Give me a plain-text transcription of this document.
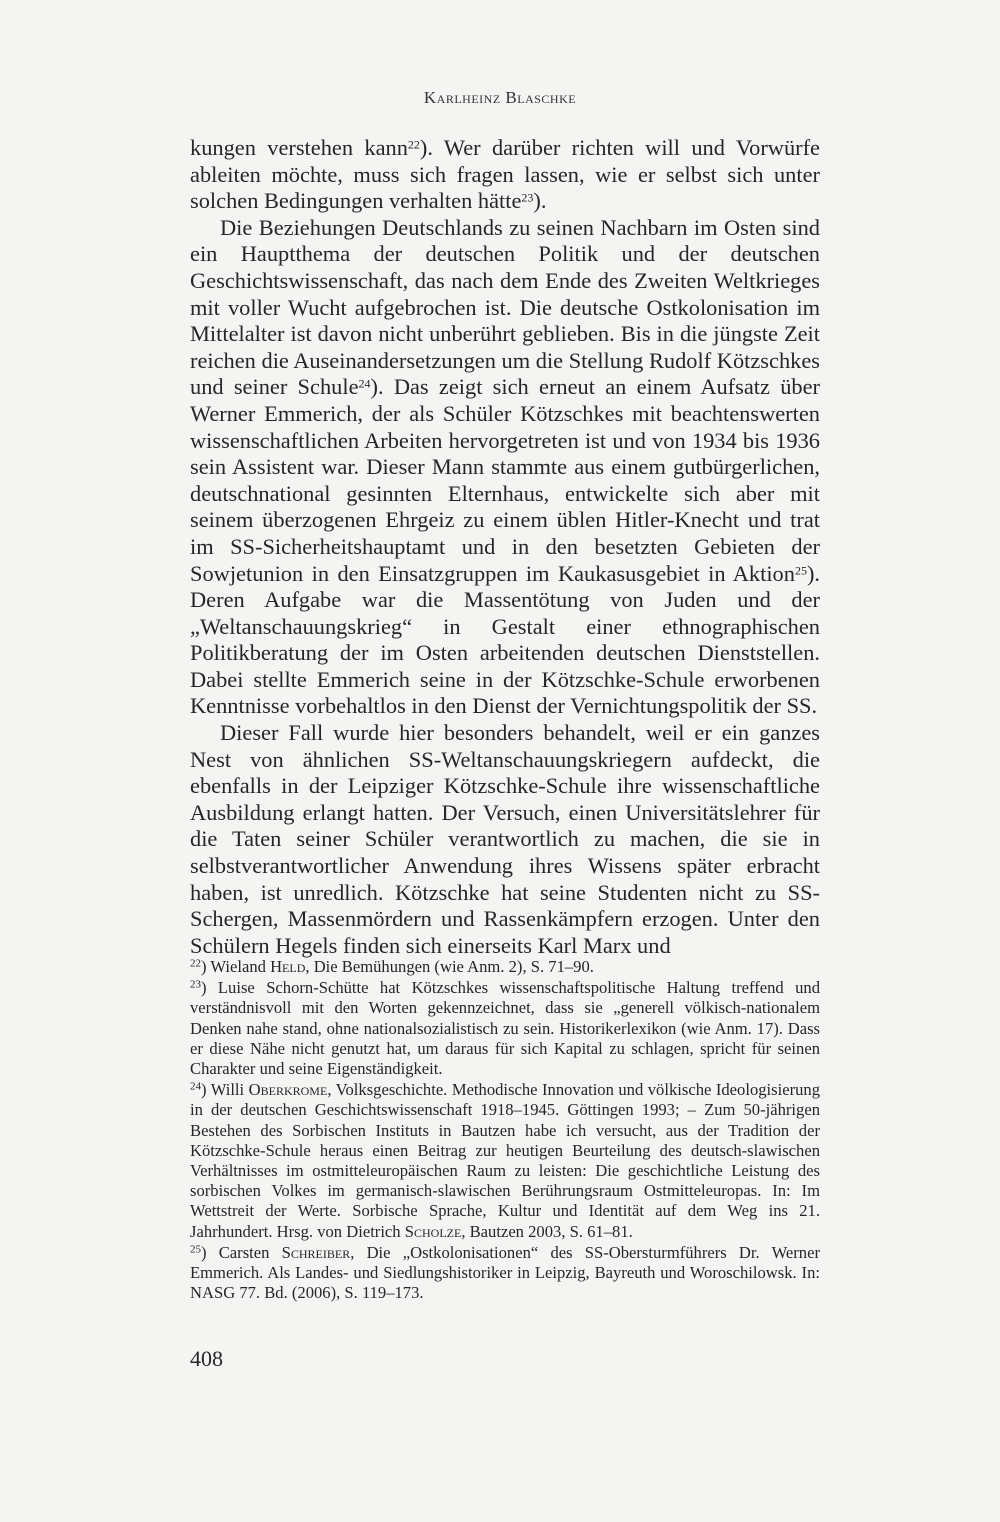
Karlheinz Blaschke

kungen verstehen kann$^{22}$). Wer darüber richten will und Vorwürfe ableiten möchte, muss sich fragen lassen, wie er selbst sich unter solchen Bedingungen verhalten hätte$^{23}$).

Die Beziehungen Deutschlands zu seinen Nachbarn im Osten sind ein Hauptthema der deutschen Politik und der deutschen Geschichtswissenschaft, das nach dem Ende des Zweiten Weltkrieges mit voller Wucht aufgebrochen ist. Die deutsche Ostkolonisation im Mittelalter ist davon nicht unberührt geblieben. Bis in die jüngste Zeit reichen die Auseinandersetzungen um die Stellung Rudolf Kötzschkes und seiner Schule$^{24}$). Das zeigt sich erneut an einem Aufsatz über Werner Emmerich, der als Schüler Kötzschkes mit beachtenswerten wissenschaftlichen Arbeiten hervorgetreten ist und von 1934 bis 1936 sein Assistent war. Dieser Mann stammte aus einem gutbürgerlichen, deutschnational gesinnten Elternhaus, entwickelte sich aber mit seinem überzogenen Ehrgeiz zu einem üblen Hitler-Knecht und trat im SS-Sicherheitshauptamt und in den besetzten Gebieten der Sowjetunion in den Einsatzgruppen im Kaukasusgebiet in Aktion$^{25}$). Deren Aufgabe war die Massentötung von Juden und der „Weltanschauungskrieg“ in Gestalt einer ethnographischen Politikberatung der im Osten arbeitenden deutschen Dienststellen. Dabei stellte Emmerich seine in der Kötzschke-Schule erworbenen Kenntnisse vorbehaltlos in den Dienst der Vernichtungspolitik der SS.

Dieser Fall wurde hier besonders behandelt, weil er ein ganzes Nest von ähnlichen SS-Weltanschauungskriegern aufdeckt, die ebenfalls in der Leipziger Kötzschke-Schule ihre wissenschaftliche Ausbildung erlangt hatten. Der Versuch, einen Universitätslehrer für die Taten seiner Schüler verantwortlich zu machen, die sie in selbstverantwortlicher Anwendung ihres Wissens später erbracht haben, ist unredlich. Kötzschke hat seine Studenten nicht zu SS-Schergen, Massenmördern und Rassenkämpfern erzogen. Unter den Schülern Hegels finden sich einerseits Karl Marx und

$^{22}$) Wieland Held, Die Bemühungen (wie Anm. 2), S. 71–90.

$^{23}$) Luise Schorn-Schütte hat Kötzschkes wissenschaftspolitische Haltung treffend und verständnisvoll mit den Worten gekennzeichnet, dass sie „generell völkisch-nationalem Denken nahe stand, ohne nationalsozialistisch zu sein. Historikerlexikon (wie Anm. 17). Dass er diese Nähe nicht genutzt hat, um daraus für sich Kapital zu schlagen, spricht für seinen Charakter und seine Eigenständigkeit.

$^{24}$) Willi Oberkrome, Volksgeschichte. Methodische Innovation und völkische Ideologisierung in der deutschen Geschichtswissenschaft 1918–1945. Göttingen 1993; – Zum 50-jährigen Bestehen des Sorbischen Instituts in Bautzen habe ich versucht, aus der Tradition der Kötzschke-Schule heraus einen Beitrag zur heutigen Beurteilung des deutsch-slawischen Verhältnisses im ostmitteleuropäischen Raum zu leisten: Die geschichtliche Leistung des sorbischen Volkes im germanisch-slawischen Berührungsraum Ostmitteleuropas. In: Im Wettstreit der Werte. Sorbische Sprache, Kultur und Identität auf dem Weg ins 21. Jahrhundert. Hrsg. von Dietrich Scholze, Bautzen 2003, S. 61–81.

$^{25}$) Carsten Schreiber, Die „Ostkolonisationen“ des SS-Obersturmführers Dr. Werner Emmerich. Als Landes- und Siedlungshistoriker in Leipzig, Bayreuth und Woroschilowsk. In: NASG 77. Bd. (2006), S. 119–173.

408
